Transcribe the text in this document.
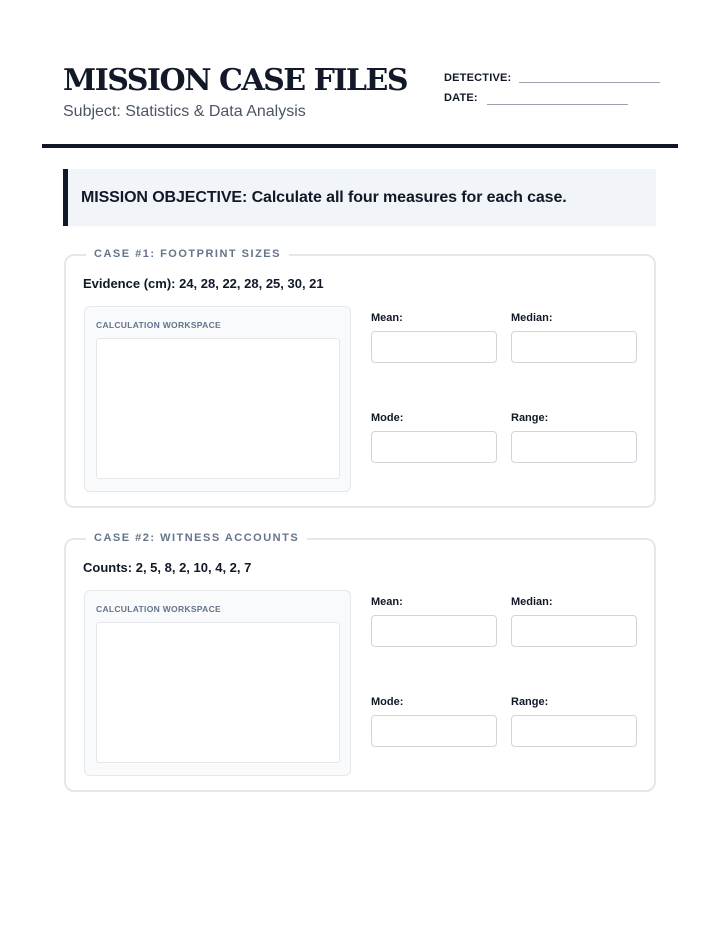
MISSION CASE FILES
Subject: Statistics & Data Analysis
DETECTIVE:
DATE:
MISSION OBJECTIVE: Calculate all four measures for each case.
CASE #1: FOOTPRINT SIZES
Evidence (cm): 24, 28, 22, 28, 25, 30, 21
CALCULATION WORKSPACE
Mean:	Median:
Mode:	Range:
CASE #2: WITNESS ACCOUNTS
Counts: 2, 5, 8, 2, 10, 4, 2, 7
CALCULATION WORKSPACE
Mean:	Median:
Mode:	Range:
